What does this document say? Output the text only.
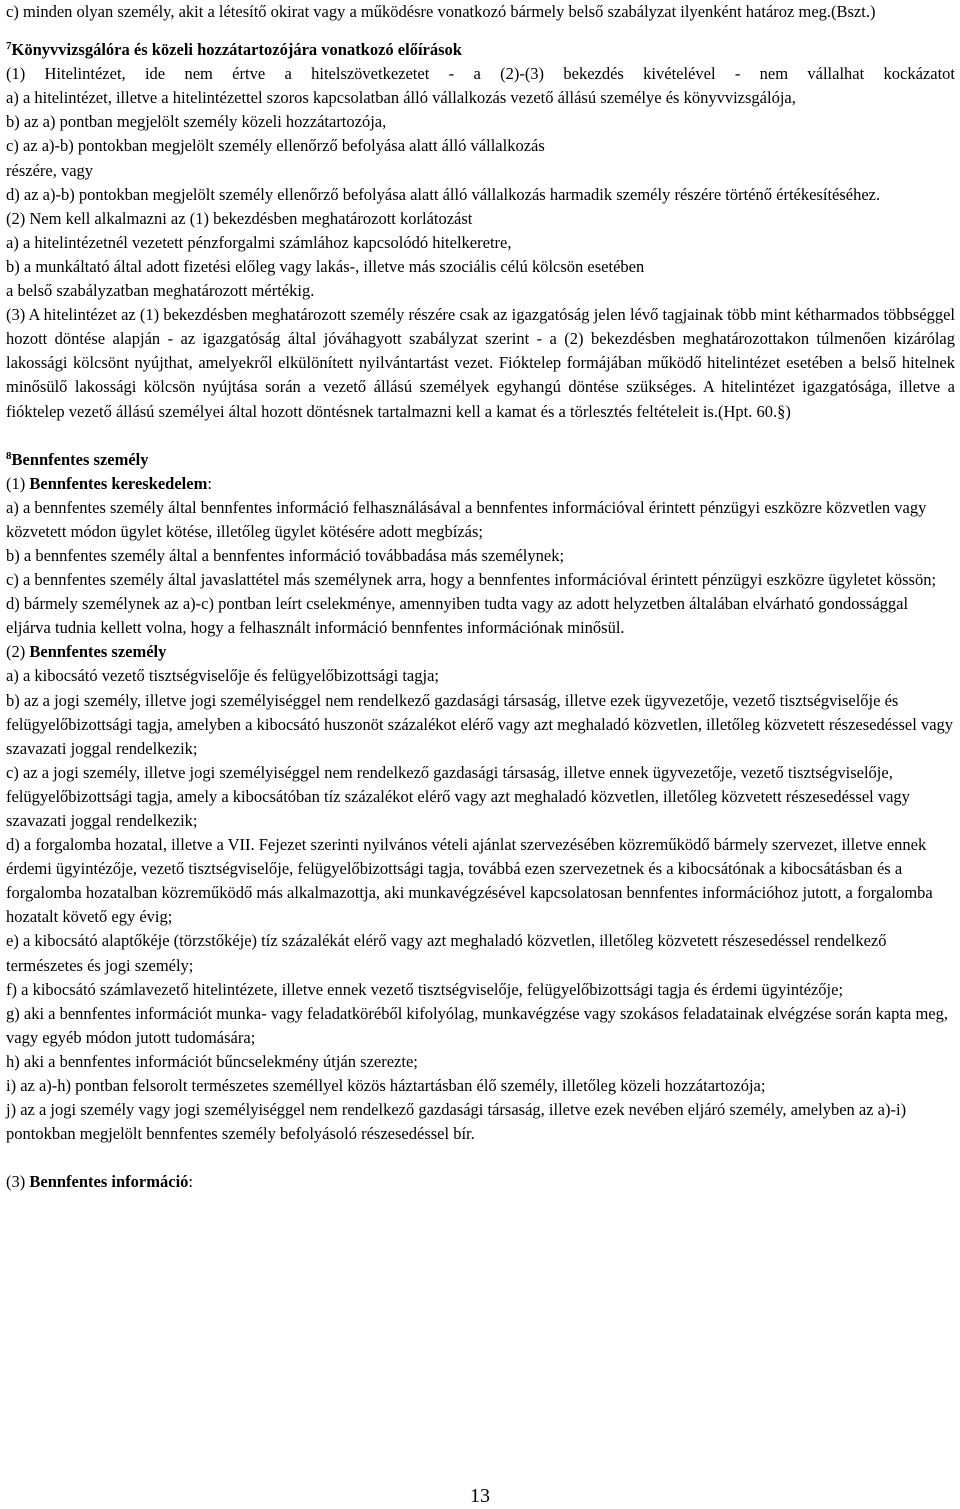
c) minden olyan személy, akit a létesítő okirat vagy a működésre vonatkozó bármely belső szabályzat ilyenként határoz meg.(Bszt.)

$^7$Könyvvizsgálóra és közeli hozzátartozójára vonatkozó előírások

(1) Hitelintézet, ide nem értve a hitelszövetkezetet - a (2)-(3) bekezdés kivételével - nem vállalhat kockázatot

a) a hitelintézet, illetve a hitelintézettel szoros kapcsolatban álló vállalkozás vezető állású személye és könyvvizsgálója,

b) az a) pontban megjelölt személy közeli hozzátartozója,

c) az a)-b) pontokban megjelölt személy ellenőrző befolyása alatt álló vállalkozás

részére, vagy

d) az a)-b) pontokban megjelölt személy ellenőrző befolyása alatt álló vállalkozás harmadik személy részére történő értékesítéséhez.

(2) Nem kell alkalmazni az (1) bekezdésben meghatározott korlátozást

a) a hitelintézetnél vezetett pénzforgalmi számlához kapcsolódó hitelkeretre,

b) a munkáltató által adott fizetési előleg vagy lakás-, illetve más szociális célú kölcsön esetében

a belső szabályzatban meghatározott mértékig.

(3) A hitelintézet az (1) bekezdésben meghatározott személy részére csak az igazgatóság jelen lévő tagjainak több mint kétharmados többséggel hozott döntése alapján - az igazgatóság által jóváhagyott szabályzat szerint - a (2) bekezdésben meghatározottakon túlmenően kizárólag lakossági kölcsönt nyújthat, amelyekről elkülönített nyilvántartást vezet. Fióktelep formájában működő hitelintézet esetében a belső hitelnek minősülő lakossági kölcsön nyújtása során a vezető állású személyek egyhangú döntése szükséges. A hitelintézet igazgatósága, illetve a fióktelep vezető állású személyei által hozott döntésnek tartalmazni kell a kamat és a törlesztés feltételeit is.(Hpt. 60.§)

$^8$Bennfentes személy

(1) Bennfentes kereskedelem:

a) a bennfentes személy által bennfentes információ felhasználásával a bennfentes információval érintett pénzügyi eszközre közvetlen vagy közvetett módon ügylet kötése, illetőleg ügylet kötésére adott megbízás;

b) a bennfentes személy által a bennfentes információ továbbadása más személynek;

c) a bennfentes személy által javaslattétel más személynek arra, hogy a bennfentes információval érintett pénzügyi eszközre ügyletet kössön;

d) bármely személynek az a)-c) pontban leírt cselekménye, amennyiben tudta vagy az adott helyzetben általában elvárható gondossággal eljárva tudnia kellett volna, hogy a felhasznált információ bennfentes információnak minősül.

(2) Bennfentes személy

a) a kibocsátó vezető tisztségviselője és felügyelőbizottsági tagja;

b) az a jogi személy, illetve jogi személyiséggel nem rendelkező gazdasági társaság, illetve ezek ügyvezetője, vezető tisztségviselője és felügyelőbizottsági tagja, amelyben a kibocsátó huszonöt százalékot elérő vagy azt meghaladó közvetlen, illetőleg közvetett részesedéssel vagy szavazati joggal rendelkezik;

c) az a jogi személy, illetve jogi személyiséggel nem rendelkező gazdasági társaság, illetve ennek ügyvezetője, vezető tisztségviselője, felügyelőbizottsági tagja, amely a kibocsátóban tíz százalékot elérő vagy azt meghaladó közvetlen, illetőleg közvetett részesedéssel vagy szavazati joggal rendelkezik;

d) a forgalomba hozatal, illetve a VII. Fejezet szerinti nyilvános vételi ajánlat szervezésében közreműködő bármely szervezet, illetve ennek érdemi ügyintézője, vezető tisztségviselője, felügyelőbizottsági tagja, továbbá ezen szervezetnek és a kibocsátónak a kibocsátásban és a forgalomba hozatalban közreműködő más alkalmazottja, aki munkavégzésével kapcsolatosan bennfentes információhoz jutott, a forgalomba hozatalt követő egy évig;

e) a kibocsátó alaptőkéje (törzstőkéje) tíz százalékát elérő vagy azt meghaladó közvetlen, illetőleg közvetett részesedéssel rendelkező természetes és jogi személy;

f) a kibocsátó számlavezető hitelintézete, illetve ennek vezető tisztségviselője, felügyelőbizottsági tagja és érdemi ügyintézője;

g) aki a bennfentes információt munka- vagy feladatköréből kifolyólag, munkavégzése vagy szokásos feladatainak elvégzése során kapta meg, vagy egyéb módon jutott tudomására;

h) aki a bennfentes információt bűncselekmény útján szerezte;

i) az a)-h) pontban felsorolt természetes személlyel közös háztartásban élő személy, illetőleg közeli hozzátartozója;

j) az a jogi személy vagy jogi személyiséggel nem rendelkező gazdasági társaság, illetve ezek nevében eljáró személy, amelyben az a)-i) pontokban megjelölt bennfentes személy befolyásoló részesedéssel bír.

(3) Bennfentes információ:

13
